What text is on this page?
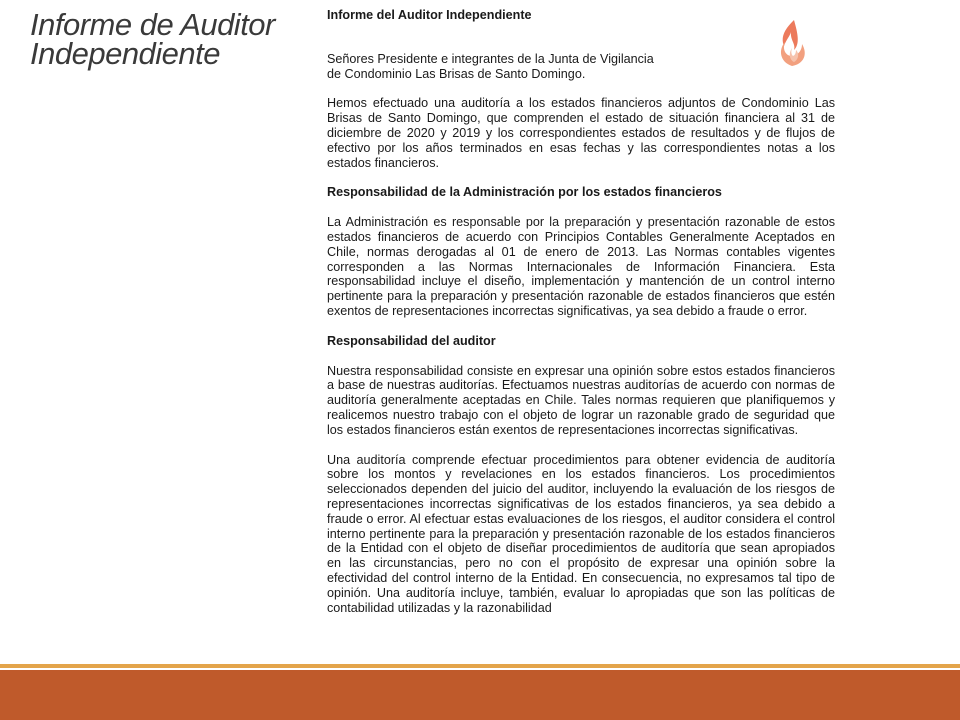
Informe de Auditor
Independiente

Informe del Auditor Independiente

Señores Presidente e integrantes de la Junta de Vigilancia

de Condominio Las Brisas de Santo Domingo.

Hemos efectuado una auditoría a los estados financieros adjuntos de Condominio Las Brisas de Santo Domingo, que comprenden el estado de situación financiera al 31 de diciembre de 2020 y 2019 y los correspondientes estados de resultados y de flujos de efectivo por los años terminados en esas fechas y las correspondientes notas a los estados financieros.

Responsabilidad de la Administración por los estados financieros

La Administración es responsable por la preparación y presentación razonable de estos estados financieros de acuerdo con Principios Contables Generalmente Aceptados en Chile, normas derogadas al 01 de enero de 2013. Las Normas contables vigentes corresponden a las Normas Internacionales de Información Financiera. Esta responsabilidad incluye el diseño, implementación y mantención de un control interno pertinente para la preparación y presentación razonable de estados financieros que estén exentos de representaciones incorrectas significativas, ya sea debido a fraude o error.

Responsabilidad del auditor

Nuestra responsabilidad consiste en expresar una opinión sobre estos estados financieros a base de nuestras auditorías. Efectuamos nuestras auditorías de acuerdo con normas de auditoría generalmente aceptadas en Chile. Tales normas requieren que planifiquemos y realicemos nuestro trabajo con el objeto de lograr un razonable grado de seguridad que los estados financieros están exentos de representaciones incorrectas significativas.

Una auditoría comprende efectuar procedimientos para obtener evidencia de auditoría sobre los montos y revelaciones en los estados financieros. Los procedimientos seleccionados dependen del juicio del auditor, incluyendo la evaluación de los riesgos de representaciones incorrectas significativas de los estados financieros, ya sea debido a fraude o error. Al efectuar estas evaluaciones de los riesgos, el auditor considera el control interno pertinente para la preparación y presentación razonable de los estados financieros de la Entidad con el objeto de diseñar procedimientos de auditoría que sean apropiados en las circunstancias, pero no con el propósito de expresar una opinión sobre la efectividad del control interno de la Entidad. En consecuencia, no expresamos tal tipo de opinión. Una auditoría incluye, también, evaluar lo apropiadas que son las políticas de contabilidad utilizadas y la razonabilidad
